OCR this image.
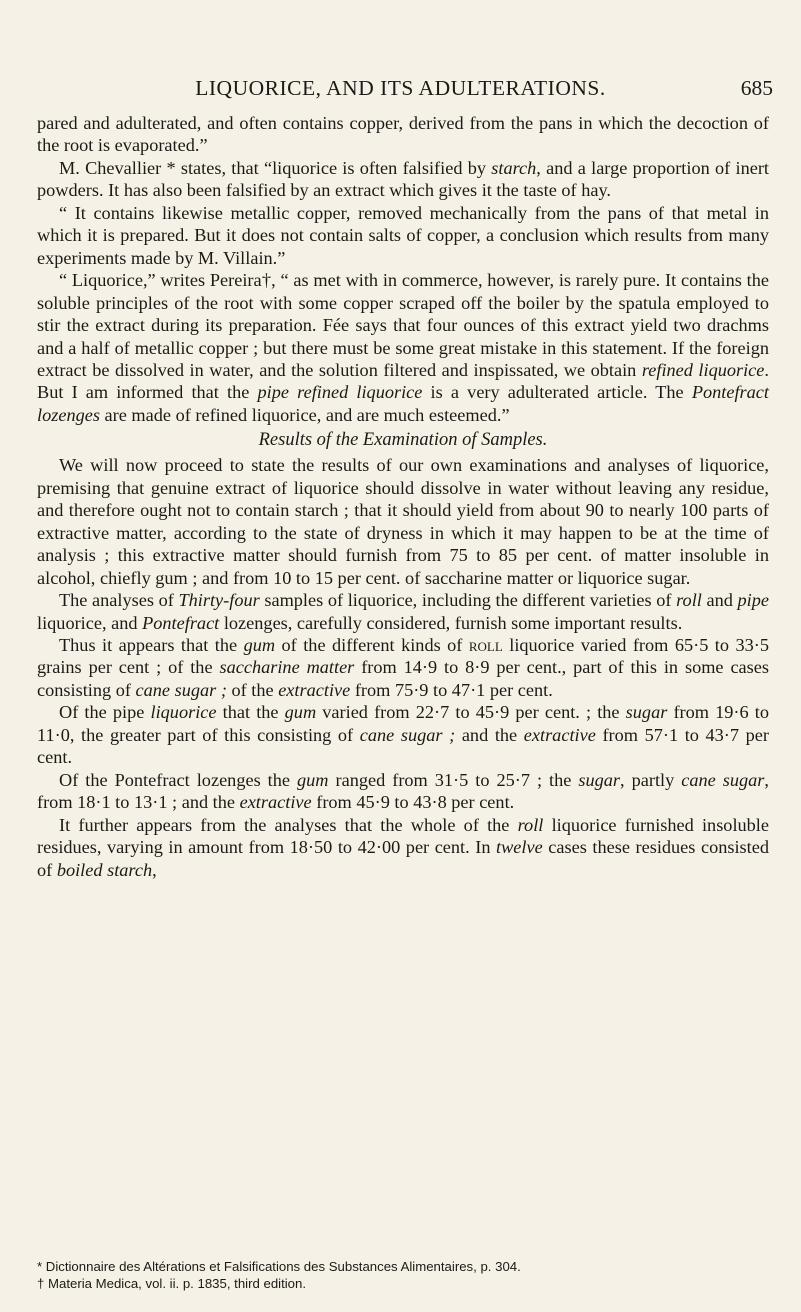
LIQUORICE, AND ITS ADULTERATIONS.	685

pared and adulterated, and often contains copper, derived from the pans in which the decoction of the root is evaporated.”

M. Chevallier * states, that “liquorice is often falsified by starch, and a large proportion of inert powders. It has also been falsified by an extract which gives it the taste of hay.

“ It contains likewise metallic copper, removed mechanically from the pans of that metal in which it is prepared. But it does not contain salts of copper, a conclusion which results from many experiments made by M. Villain.”

“ Liquorice,” writes Pereira†, “ as met with in commerce, however, is rarely pure. It contains the soluble principles of the root with some copper scraped off the boiler by the spatula employed to stir the extract during its preparation. Fée says that four ounces of this extract yield two drachms and a half of metallic copper ; but there must be some great mistake in this statement. If the foreign extract be dissolved in water, and the solution filtered and inspissated, we obtain refined liquorice. But I am informed that the pipe refined liquorice is a very adulterated article. The Pontefract lozenges are made of refined liquorice, and are much esteemed.”

Results of the Examination of Samples.

We will now proceed to state the results of our own examinations and analyses of liquorice, premising that genuine extract of liquorice should dissolve in water without leaving any residue, and therefore ought not to contain starch ; that it should yield from about 90 to nearly 100 parts of extractive matter, according to the state of dryness in which it may happen to be at the time of analysis ; this extractive matter should furnish from 75 to 85 per cent. of matter insoluble in alcohol, chiefly gum ; and from 10 to 15 per cent. of saccharine matter or liquorice sugar.

The analyses of Thirty-four samples of liquorice, including the different varieties of roll and pipe liquorice, and Pontefract lozenges, carefully considered, furnish some important results.

Thus it appears that the gum of the different kinds of roll liquorice varied from 65·5 to 33·5 grains per cent ; of the saccharine matter from 14·9 to 8·9 per cent., part of this in some cases consisting of cane sugar ; of the extractive from 75·9 to 47·1 per cent.

Of the pipe liquorice that the gum varied from 22·7 to 45·9 per cent. ; the sugar from 19·6 to 11·0, the greater part of this consisting of cane sugar ; and the extractive from 57·1 to 43·7 per cent.

Of the Pontefract lozenges the gum ranged from 31·5 to 25·7 ; the sugar, partly cane sugar, from 18·1 to 13·1 ; and the extractive from 45·9 to 43·8 per cent.

It further appears from the analyses that the whole of the roll liquorice furnished insoluble residues, varying in amount from 18·50 to 42·00 per cent. In twelve cases these residues consisted of boiled starch,

* Dictionnaire des Altérations et Falsifications des Substances Alimentaires, p. 304.
† Materia Medica, vol. ii. p. 1835, third edition.
